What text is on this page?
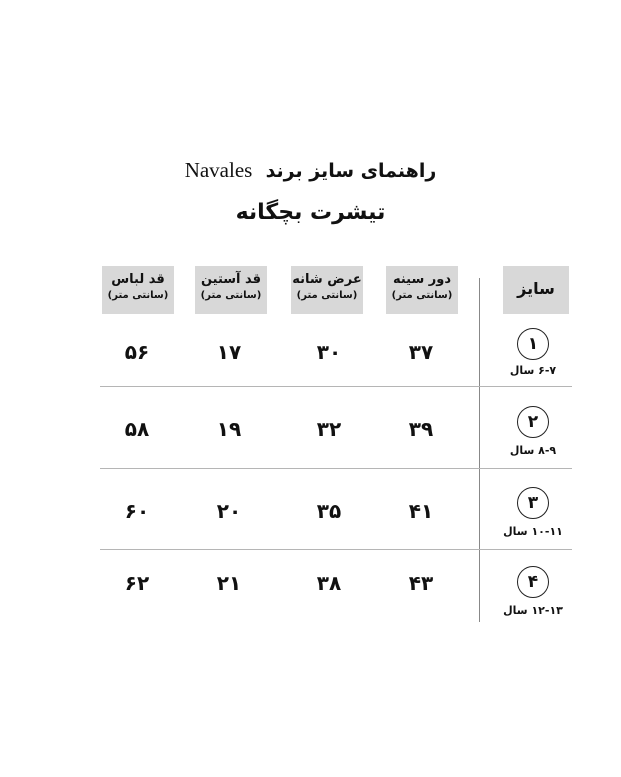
راهنمای سایز برند  Navales
تیشرت بچگانه
سایز
دور سینه
(سانتی متر)
عرض شانه
(سانتی متر)
قد آستین
(سانتی متر)
قد لباس
(سانتی متر)
۱
۶-۷ سال
۳۷
۳۰
۱۷
۵۶
۲
۸-۹ سال
۳۹
۳۲
۱۹
۵۸
۳
۱۰-۱۱ سال
۴۱
۳۵
۲۰
۶۰
۴
۱۲-۱۳ سال
۴۳
۳۸
۲۱
۶۲
